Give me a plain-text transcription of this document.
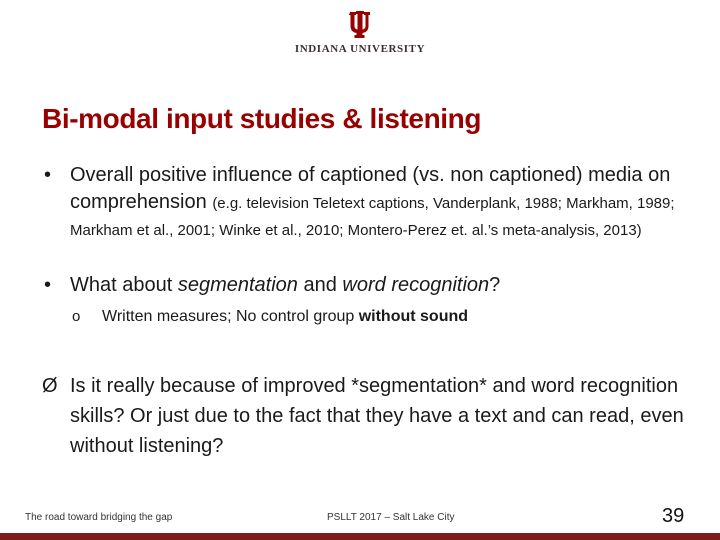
INDIANA UNIVERSITY
Bi-modal input studies & listening
• Overall positive influence of captioned (vs. non captioned) media on comprehension (e.g. television Teletext captions, Vanderplank, 1988; Markham, 1989; Markham et al., 2001; Winke et al., 2010; Montero-Perez et. al.’s meta-analysis, 2013)
• What about segmentation and word recognition?
o Written measures; No control group without sound
Ø Is it really because of improved *segmentation* and word recognition skills? Or just due to the fact that they have a text and can read, even without listening?
The road toward bridging the gap	PSLLT 2017 – Salt Lake City	39
